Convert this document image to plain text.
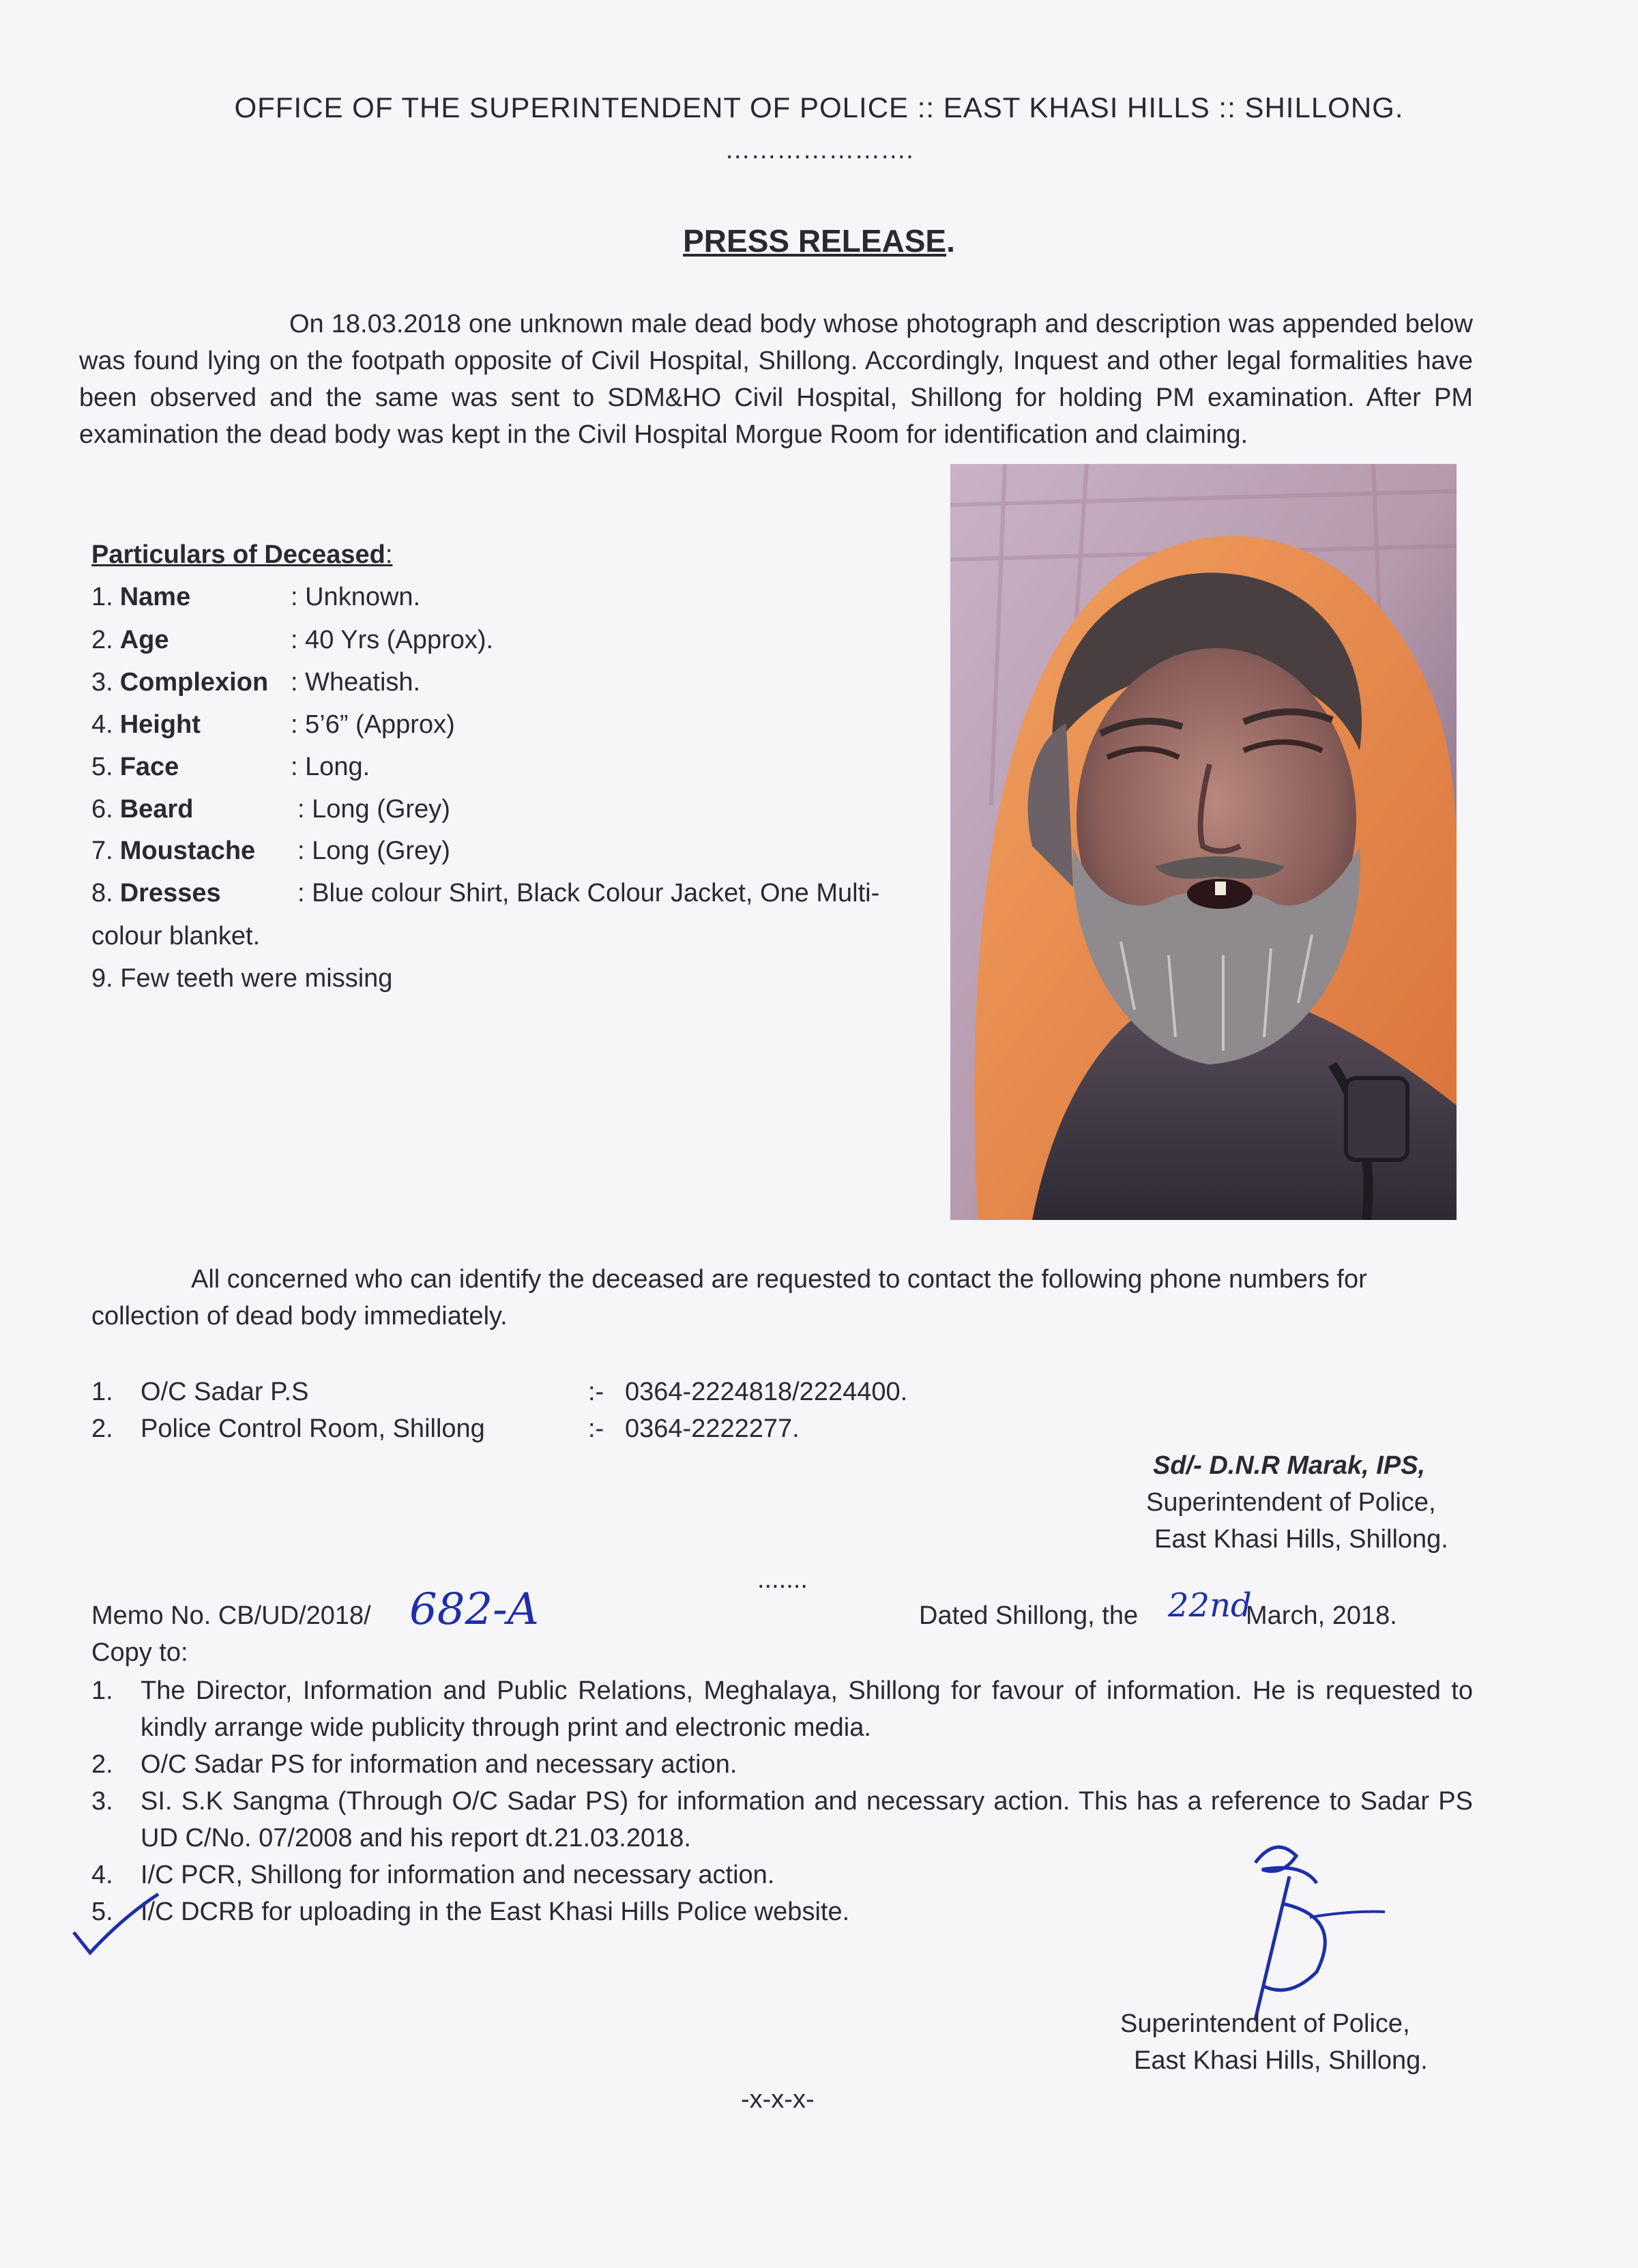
OFFICE OF THE SUPERINTENDENT OF POLICE :: EAST KHASI HILLS :: SHILLONG.
………………….
PRESS RELEASE.
On 18.03.2018 one unknown male dead body whose photograph and description was appended below was found lying on the footpath opposite of Civil Hospital, Shillong. Accordingly, Inquest and other legal formalities have been observed and the same was sent to SDM&HO Civil Hospital, Shillong for holding PM examination. After PM examination the dead body was kept in the Civil Hospital Morgue Room for identification and claiming.
Particulars of Deceased:
1. Name	: Unknown.
2. Age	: 40 Yrs (Approx).
3. Complexion : Wheatish.
4. Height	: 5’6” (Approx)
5. Face	: Long.
6. Beard	: Long (Grey)
7. Moustache : Long (Grey)
8. Dresses	: Blue colour Shirt, Black Colour Jacket, One Multi-
colour blanket.
9. Few teeth were missing
All concerned who can identify the deceased are requested to contact the following phone numbers for collection of dead body immediately.
1. O/C Sadar P.S	:- 0364-2224818/2224400.
2. Police Control Room, Shillong	:- 0364-2222277.
Sd/- D.N.R Marak, IPS,
Superintendent of Police,
East Khasi Hills, Shillong.
.......
Memo No. CB/UD/2018/ 682-A	Dated Shillong, the 22nd
March, 2018.
Copy to:
1. The Director, Information and Public Relations, Meghalaya, Shillong for favour of information. He is requested to kindly arrange wide publicity through print and electronic media.
2. O/C Sadar PS for information and necessary action.
3. SI. S.K Sangma (Through O/C Sadar PS) for information and necessary action. This has a reference to Sadar PS UD C/No. 07/2008 and his report dt.21.03.2018.
4. I/C PCR, Shillong for information and necessary action.
5. I/C DCRB for uploading in the East Khasi Hills Police website.
Superintendent of Police,
East Khasi Hills, Shillong.
-x-x-x-
